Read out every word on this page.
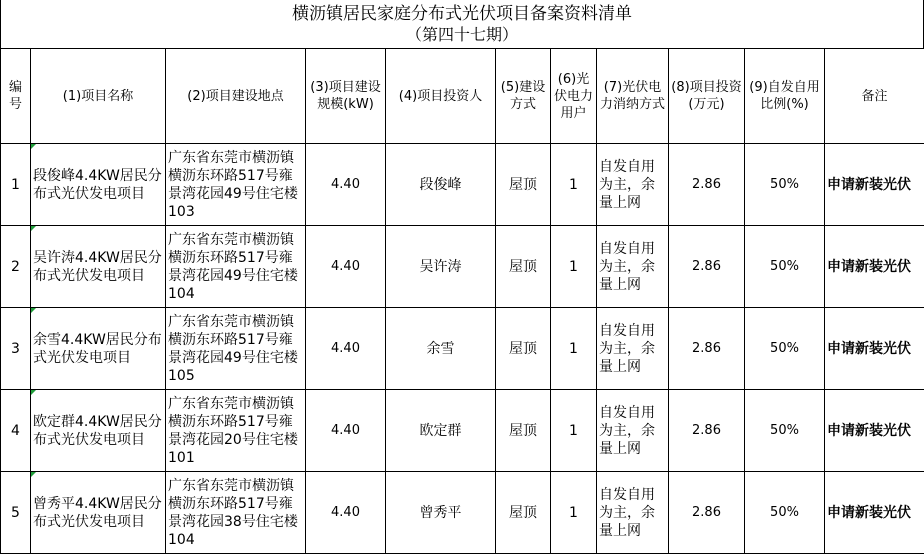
横沥镇居民家庭分布式光伏项目备案资料清单
（第四十七期）
编号	(1)项目名称	(2)项目建设地点	(3)项目建设规模(kW)	(4)项目投资人	(5)建设方式	(6)光伏电力用户	(7)光伏电力消纳方式	(8)项目投资(万元)	(9)自发自用比例(%)	备注
1	段俊峰4.4KW居民分布式光伏发电项目	广东省东莞市横沥镇横沥东环路517号雍景湾花园49号住宅楼103	4.40	段俊峰	屋顶	1	自发自用为主，余量上网	2.86	50%	申请新装光伏
2	吴许涛4.4KW居民分布式光伏发电项目	广东省东莞市横沥镇横沥东环路517号雍景湾花园49号住宅楼104	4.40	吴许涛	屋顶	1	自发自用为主，余量上网	2.86	50%	申请新装光伏
3	余雪4.4KW居民分布式光伏发电项目	广东省东莞市横沥镇横沥东环路517号雍景湾花园49号住宅楼105	4.40	余雪	屋顶	1	自发自用为主，余量上网	2.86	50%	申请新装光伏
4	欧定群4.4KW居民分布式光伏发电项目	广东省东莞市横沥镇横沥东环路517号雍景湾花园20号住宅楼101	4.40	欧定群	屋顶	1	自发自用为主，余量上网	2.86	50%	申请新装光伏
5	曾秀平4.4KW居民分布式光伏发电项目	广东省东莞市横沥镇横沥东环路517号雍景湾花园38号住宅楼104	4.40	曾秀平	屋顶	1	自发自用为主，余量上网	2.86	50%	申请新装光伏
